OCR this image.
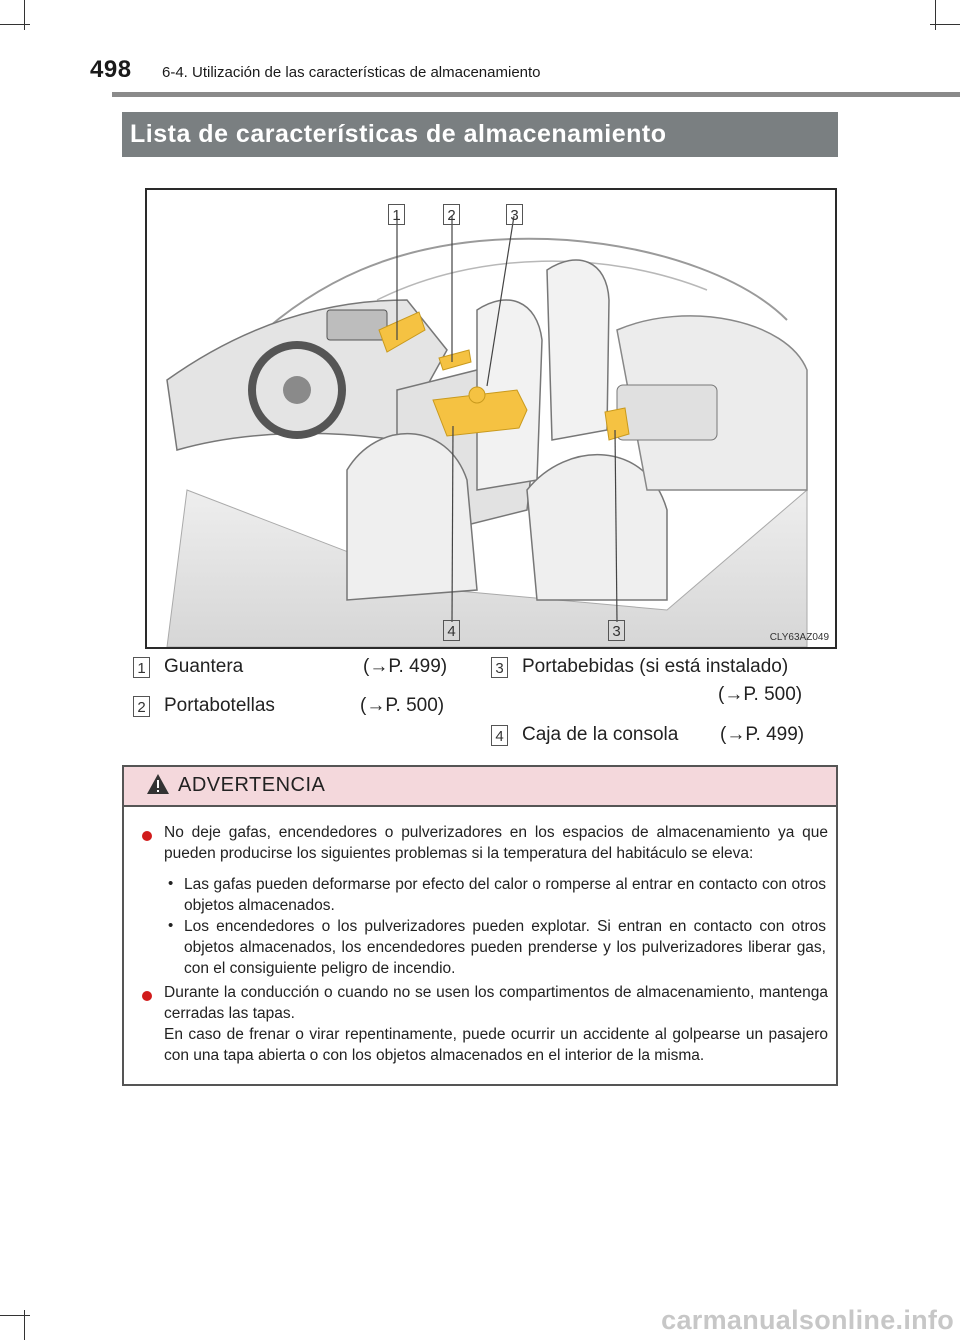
498 6-4. Utilización de las características de almacenamiento
Lista de características de almacenamiento
1	2	3
4	3	CLY63AZ049
1 Guantera	(→P. 499)
2 Portabotellas	(→P. 500)
3 Portabebidas (si está instalado)
(→P. 500)
4 Caja de la consola (→P. 499)
ADVERTENCIA
No deje gafas, encendedores o pulverizadores en los espacios de almacenamiento ya que pueden producirse los siguientes problemas si la temperatura del habitáculo se eleva:
• Las gafas pueden deformarse por efecto del calor o romperse al entrar en contacto con otros objetos almacenados.
• Los encendedores o los pulverizadores pueden explotar. Si entran en contacto con otros objetos almacenados, los encendedores pueden prenderse y los pulverizadores liberar gas, con el consiguiente peligro de incendio.
Durante la conducción o cuando no se usen los compartimentos de almacenamiento, mantenga cerradas las tapas.
En caso de frenar o virar repentinamente, puede ocurrir un accidente al golpearse un pasajero con una tapa abierta o con los objetos almacenados en el interior de la misma.
carmanualsonline.info
